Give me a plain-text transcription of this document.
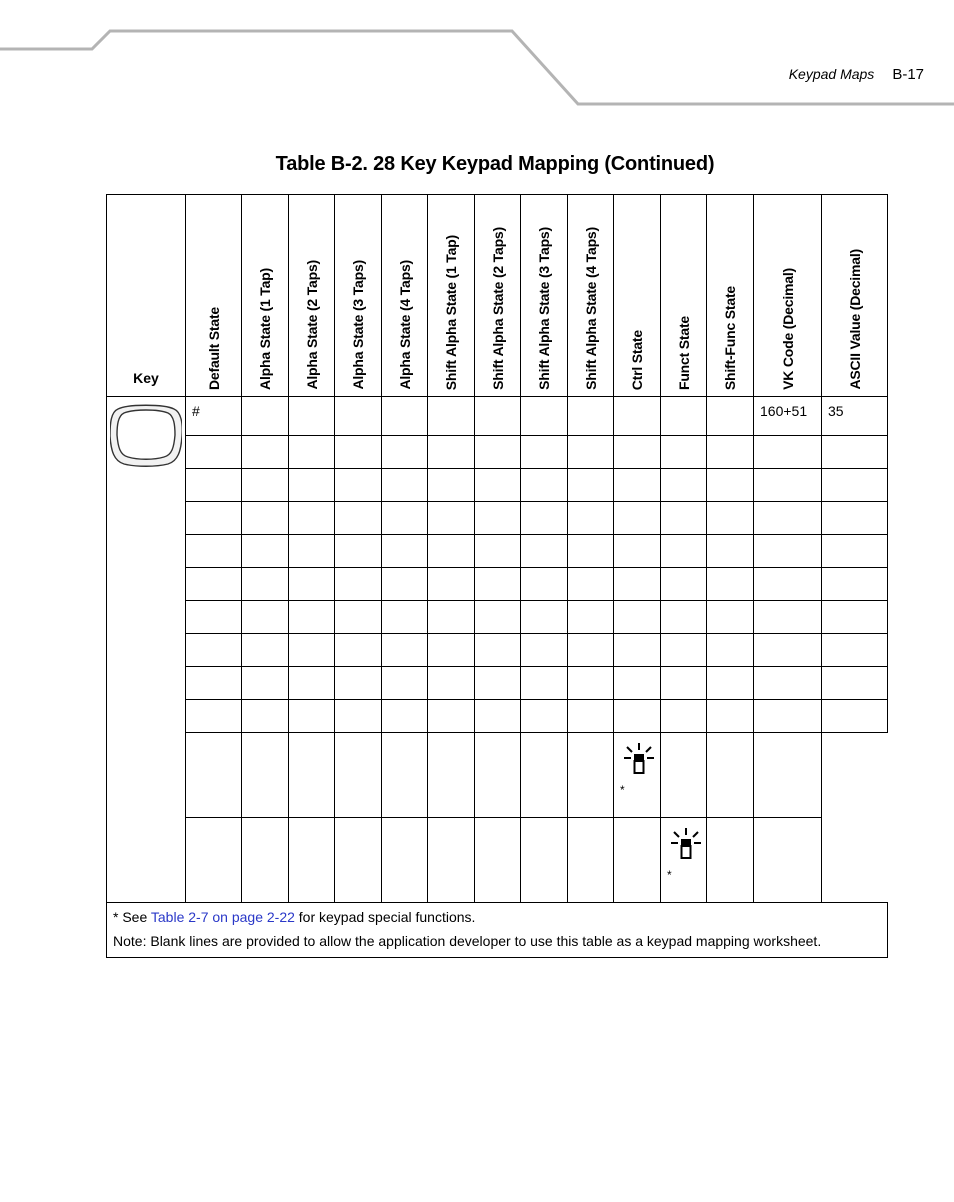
Keypad Maps B-17
Table B-2. 28 Key Keypad Mapping (Continued)
Key	Default State	Alpha State (1 Tap)	Alpha State (2 Taps)	Alpha State (3 Taps)	Alpha State (4 Taps)	Shift Alpha State (1 Tap)	Shift Alpha State (2 Taps)	Shift Alpha State (3 Taps)	Shift Alpha State (4 Taps)	Ctrl State	Funct State	Shift-Func State	VK Code (Decimal)	ASCII Value (Decimal)

	#												160+51	35

										*				

											*			

* See Table 2-7 on page 2-22 for keypad special functions.

Note: Blank lines are provided to allow the application developer to use this table as a keypad mapping worksheet.														
